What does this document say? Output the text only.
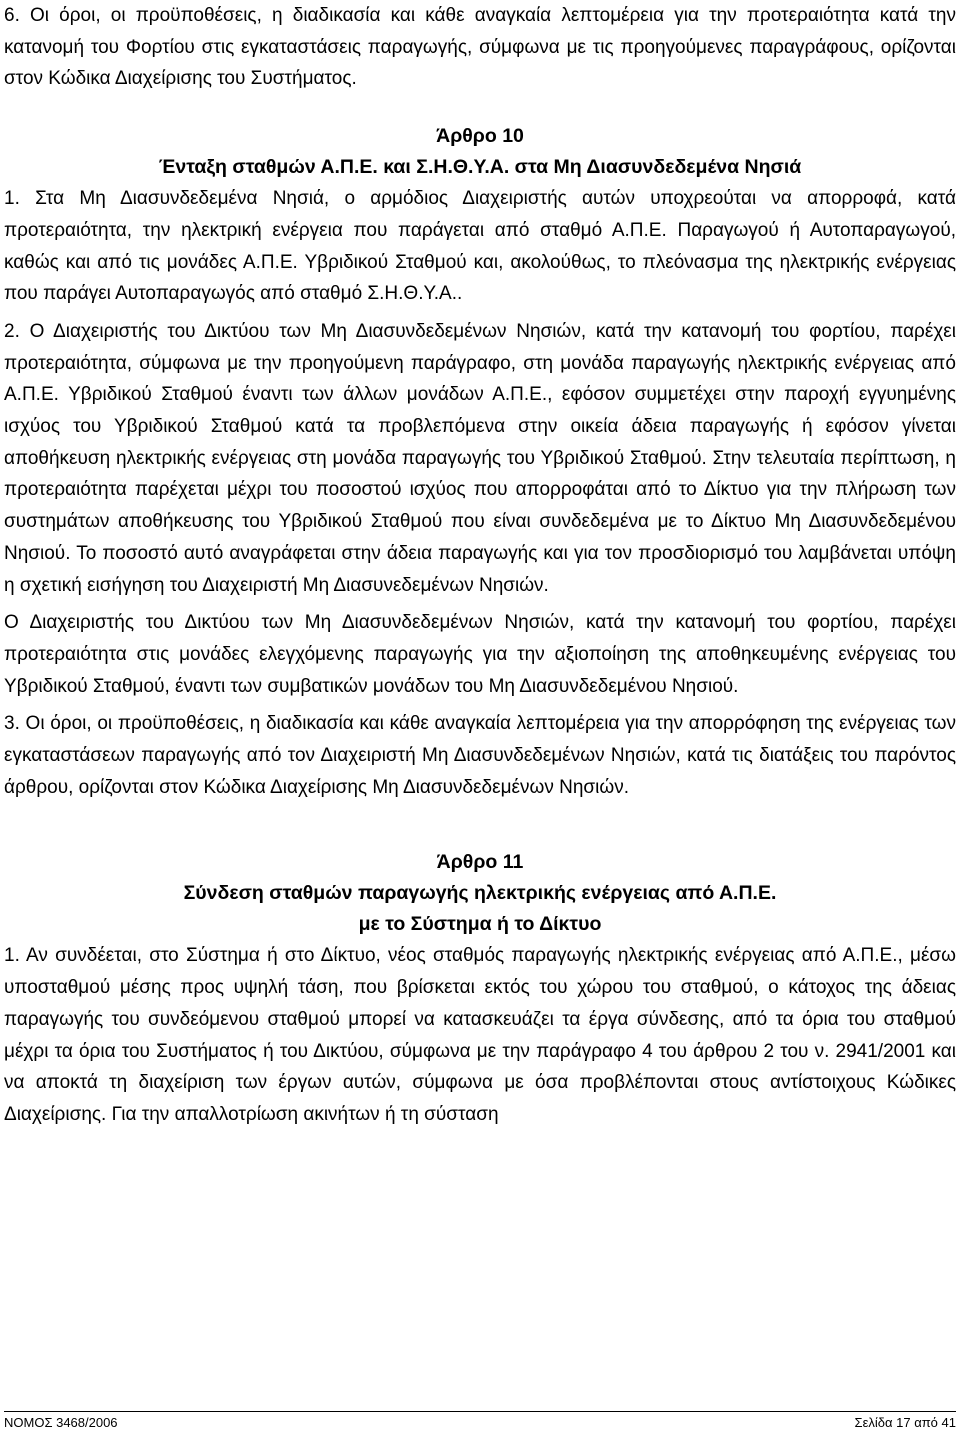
6. Οι όροι, οι προϋποθέσεις, η διαδικασία και κάθε αναγκαία λεπτομέρεια για την προτεραιότητα κατά την κατανομή του Φορτίου στις εγκαταστάσεις παραγωγής, σύμφωνα με τις προηγούμενες παραγράφους, ορίζονται στον Κώδικα Διαχείρισης του Συστήματος.

Άρθρο 10

Ένταξη σταθμών Α.Π.Ε. και Σ.Η.Θ.Υ.Α. στα Μη Διασυνδεδεμένα Νησιά

1. Στα Μη Διασυνδεδεμένα Νησιά, ο αρμόδιος Διαχειριστής αυτών υποχρεούται να απορροφά, κατά προτεραιότητα, την ηλεκτρική ενέργεια που παράγεται από σταθμό Α.Π.Ε. Παραγωγού ή Αυτοπαραγωγού, καθώς και από τις μονάδες Α.Π.Ε. Υβριδικού Σταθμού και, ακολούθως, το πλεόνασμα της ηλεκτρικής ενέργειας που παράγει Αυτοπαραγωγός από σταθμό Σ.Η.Θ.Υ.Α..

2. Ο Διαχειριστής του Δικτύου των Μη Διασυνδεδεμένων Νησιών, κατά την κατανομή του φορτίου, παρέχει προτεραιότητα, σύμφωνα με την προηγούμενη παράγραφο, στη μονάδα παραγωγής ηλεκτρικής ενέργειας από Α.Π.Ε. Υβριδικού Σταθμού έναντι των άλλων μονάδων Α.Π.Ε., εφόσον συμμετέχει στην παροχή εγγυημένης ισχύος του Υβριδικού Σταθμού κατά τα προβλεπόμενα στην οικεία άδεια παραγωγής ή εφόσον γίνεται αποθήκευση ηλεκτρικής ενέργειας στη μονάδα παραγωγής του Υβριδικού Σταθμού. Στην τελευταία περίπτωση, η προτεραιότητα παρέχεται μέχρι του ποσοστού ισχύος που απορροφάται από το Δίκτυο για την πλήρωση των συστημάτων αποθήκευσης του Υβριδικού Σταθμού που είναι συνδεδεμένα με το Δίκτυο Μη Διασυνδεδεμένου Νησιού. Το ποσοστό αυτό αναγράφεται στην άδεια παραγωγής και για τον προσδιορισμό του λαμβάνεται υπόψη η σχετική εισήγηση του Διαχειριστή Μη Διασυνεδεμένων Νησιών.

Ο Διαχειριστής του Δικτύου των Μη Διασυνδεδεμένων Νησιών, κατά την κατανομή του φορτίου, παρέχει προτεραιότητα στις μονάδες ελεγχόμενης παραγωγής για την αξιοποίηση της αποθηκευμένης ενέργειας του Υβριδικού Σταθμού, έναντι των συμβατικών μονάδων του Μη Διασυνδεδεμένου Νησιού.

3. Οι όροι, οι προϋποθέσεις, η διαδικασία και κάθε αναγκαία λεπτομέρεια για την απορρόφηση της ενέργειας των εγκαταστάσεων παραγωγής από τον Διαχειριστή Μη Διασυνδεδεμένων Νησιών, κατά τις διατάξεις του παρόντος άρθρου, ορίζονται στον Κώδικα Διαχείρισης Μη Διασυνδεδεμένων Νησιών.

Άρθρο 11

Σύνδεση σταθμών παραγωγής ηλεκτρικής ενέργειας από Α.Π.Ε.

με το Σύστημα ή το Δίκτυο

1. Αν συνδέεται, στο Σύστημα ή στο Δίκτυο, νέος σταθμός παραγωγής ηλεκτρικής ενέργειας από Α.Π.Ε., μέσω υποσταθμού μέσης προς υψηλή τάση, που βρίσκεται εκτός του χώρου του σταθμού, ο κάτοχος της άδειας παραγωγής του συνδεόμενου σταθμού μπορεί να κατασκευάζει τα έργα σύνδεσης, από τα όρια του σταθμού μέχρι τα όρια του Συστήματος ή του Δικτύου, σύμφωνα με την παράγραφο 4 του άρθρου 2 του ν. 2941/2001 και να αποκτά τη διαχείριση των έργων αυτών, σύμφωνα με όσα προβλέπονται στους αντίστοιχους Κώδικες Διαχείρισης. Για την απαλλοτρίωση ακινήτων ή τη σύσταση

ΝΟΜΟΣ 3468/2006	Σελίδα 17 από 41
